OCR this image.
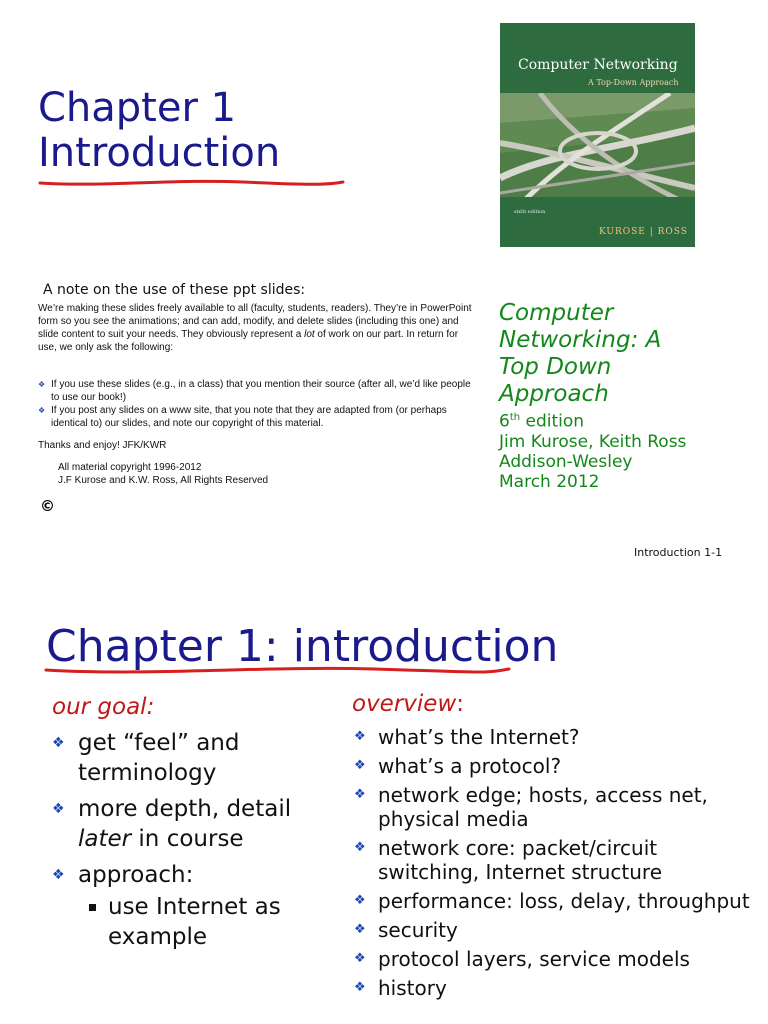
Chapter 1
Introduction
Computer Networking
A Top-Down Approach
sixth edition
KUROSE | ROSS
A note on the use of these ppt slides:

We’re making these slides freely available to all (faculty, students, readers). They’re in PowerPoint form so you see the animations; and can add, modify, and delete slides (including this one) and slide content to suit your needs. They obviously represent a lot of work on our part. In return for use, we only ask the following:

❖ If you use these slides (e.g., in a class) that you mention their source (after all, we’d like people to use our book!)
❖ If you post any slides on a www site, that you note that they are adapted from (or perhaps identical to) our slides, and note our copyright of this material.
Thanks and enjoy! JFK/KWR
All material copyright 1996-2012
J.F Kurose and K.W. Ross, All Rights Reserved
©
Computer
Networking: A
Top Down
Approach
6th edition
Jim Kurose, Keith Ross
Addison-Wesley
March 2012
Introduction 1-1
Chapter 1: introduction
our goal:	overview:
❖ get “feel” and terminology
❖ more depth, detail later in course
❖ approach:
use Internet as example
❖ what’s the Internet?
❖ what’s a protocol?
❖ network edge; hosts, access net, physical media
❖ network core: packet/circuit switching, Internet structure
❖ performance: loss, delay, throughput
❖ security
❖ protocol layers, service models
❖ history
